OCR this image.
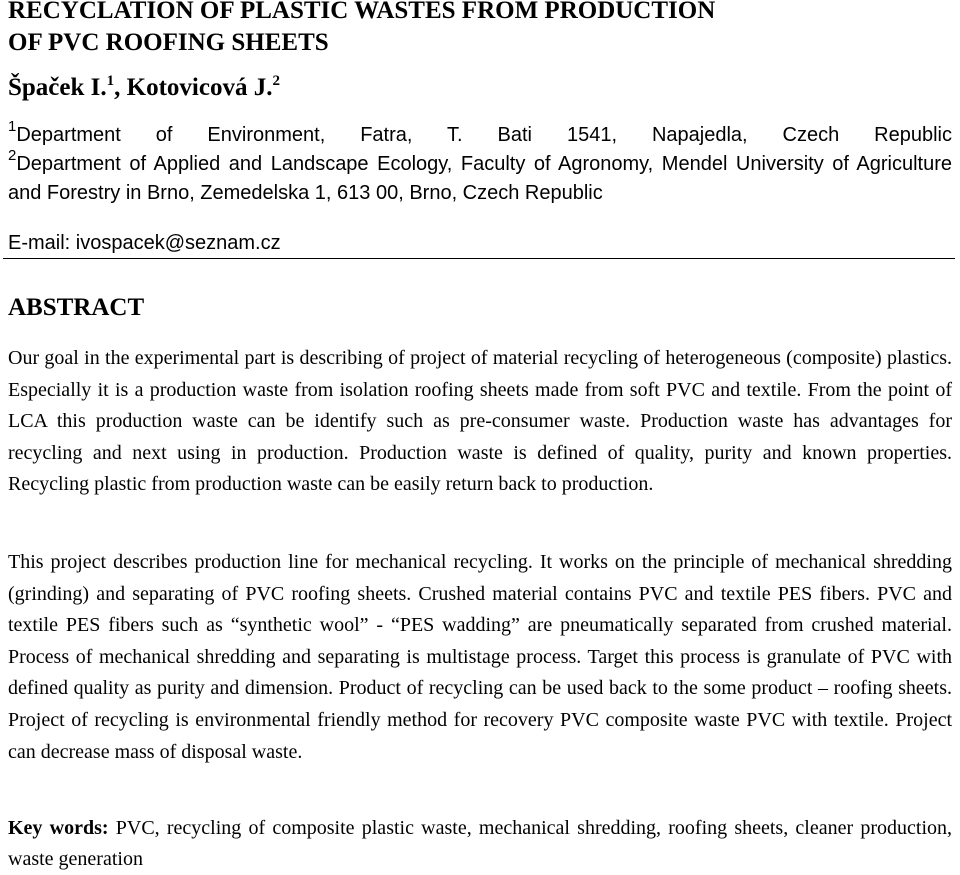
RECYCLATION OF PLASTIC WASTES FROM PRODUCTION
OF PVC ROOFING SHEETS
Špaček I.$^1$, Kotovicová J.$^2$
$^1$Department of Environment, Fatra, T. Bati 1541, Napajedla, Czech Republic
$^2$Department of Applied and Landscape Ecology, Faculty of Agronomy, Mendel University of Agriculture and Forestry in Brno, Zemedelska 1, 613 00, Brno, Czech Republic
E-mail: ivospacek@seznam.cz
ABSTRACT

Our goal in the experimental part is describing of project of material recycling of heterogeneous (composite) plastics. Especially it is a production waste from isolation roofing sheets made from soft PVC and textile. From the point of LCA this production waste can be identify such as pre-consumer waste. Production waste has advantages for recycling and next using in production. Production waste is defined of quality, purity and known properties. Recycling plastic from production waste can be easily return back to production.

This project describes production line for mechanical recycling. It works on the principle of mechanical shredding (grinding) and separating of PVC roofing sheets. Crushed material contains PVC and textile PES fibers. PVC and textile PES fibers such as “synthetic wool” - “PES wadding” are pneumatically separated from crushed material. Process of mechanical shredding and separating is multistage process. Target this process is granulate of PVC with defined quality as purity and dimension. Product of recycling can be used back to the some product – roofing sheets. Project of recycling is environmental friendly method for recovery PVC composite waste PVC with textile. Project can decrease mass of disposal waste.

Key words: PVC, recycling of composite plastic waste, mechanical shredding, roofing sheets, cleaner production, waste generation
